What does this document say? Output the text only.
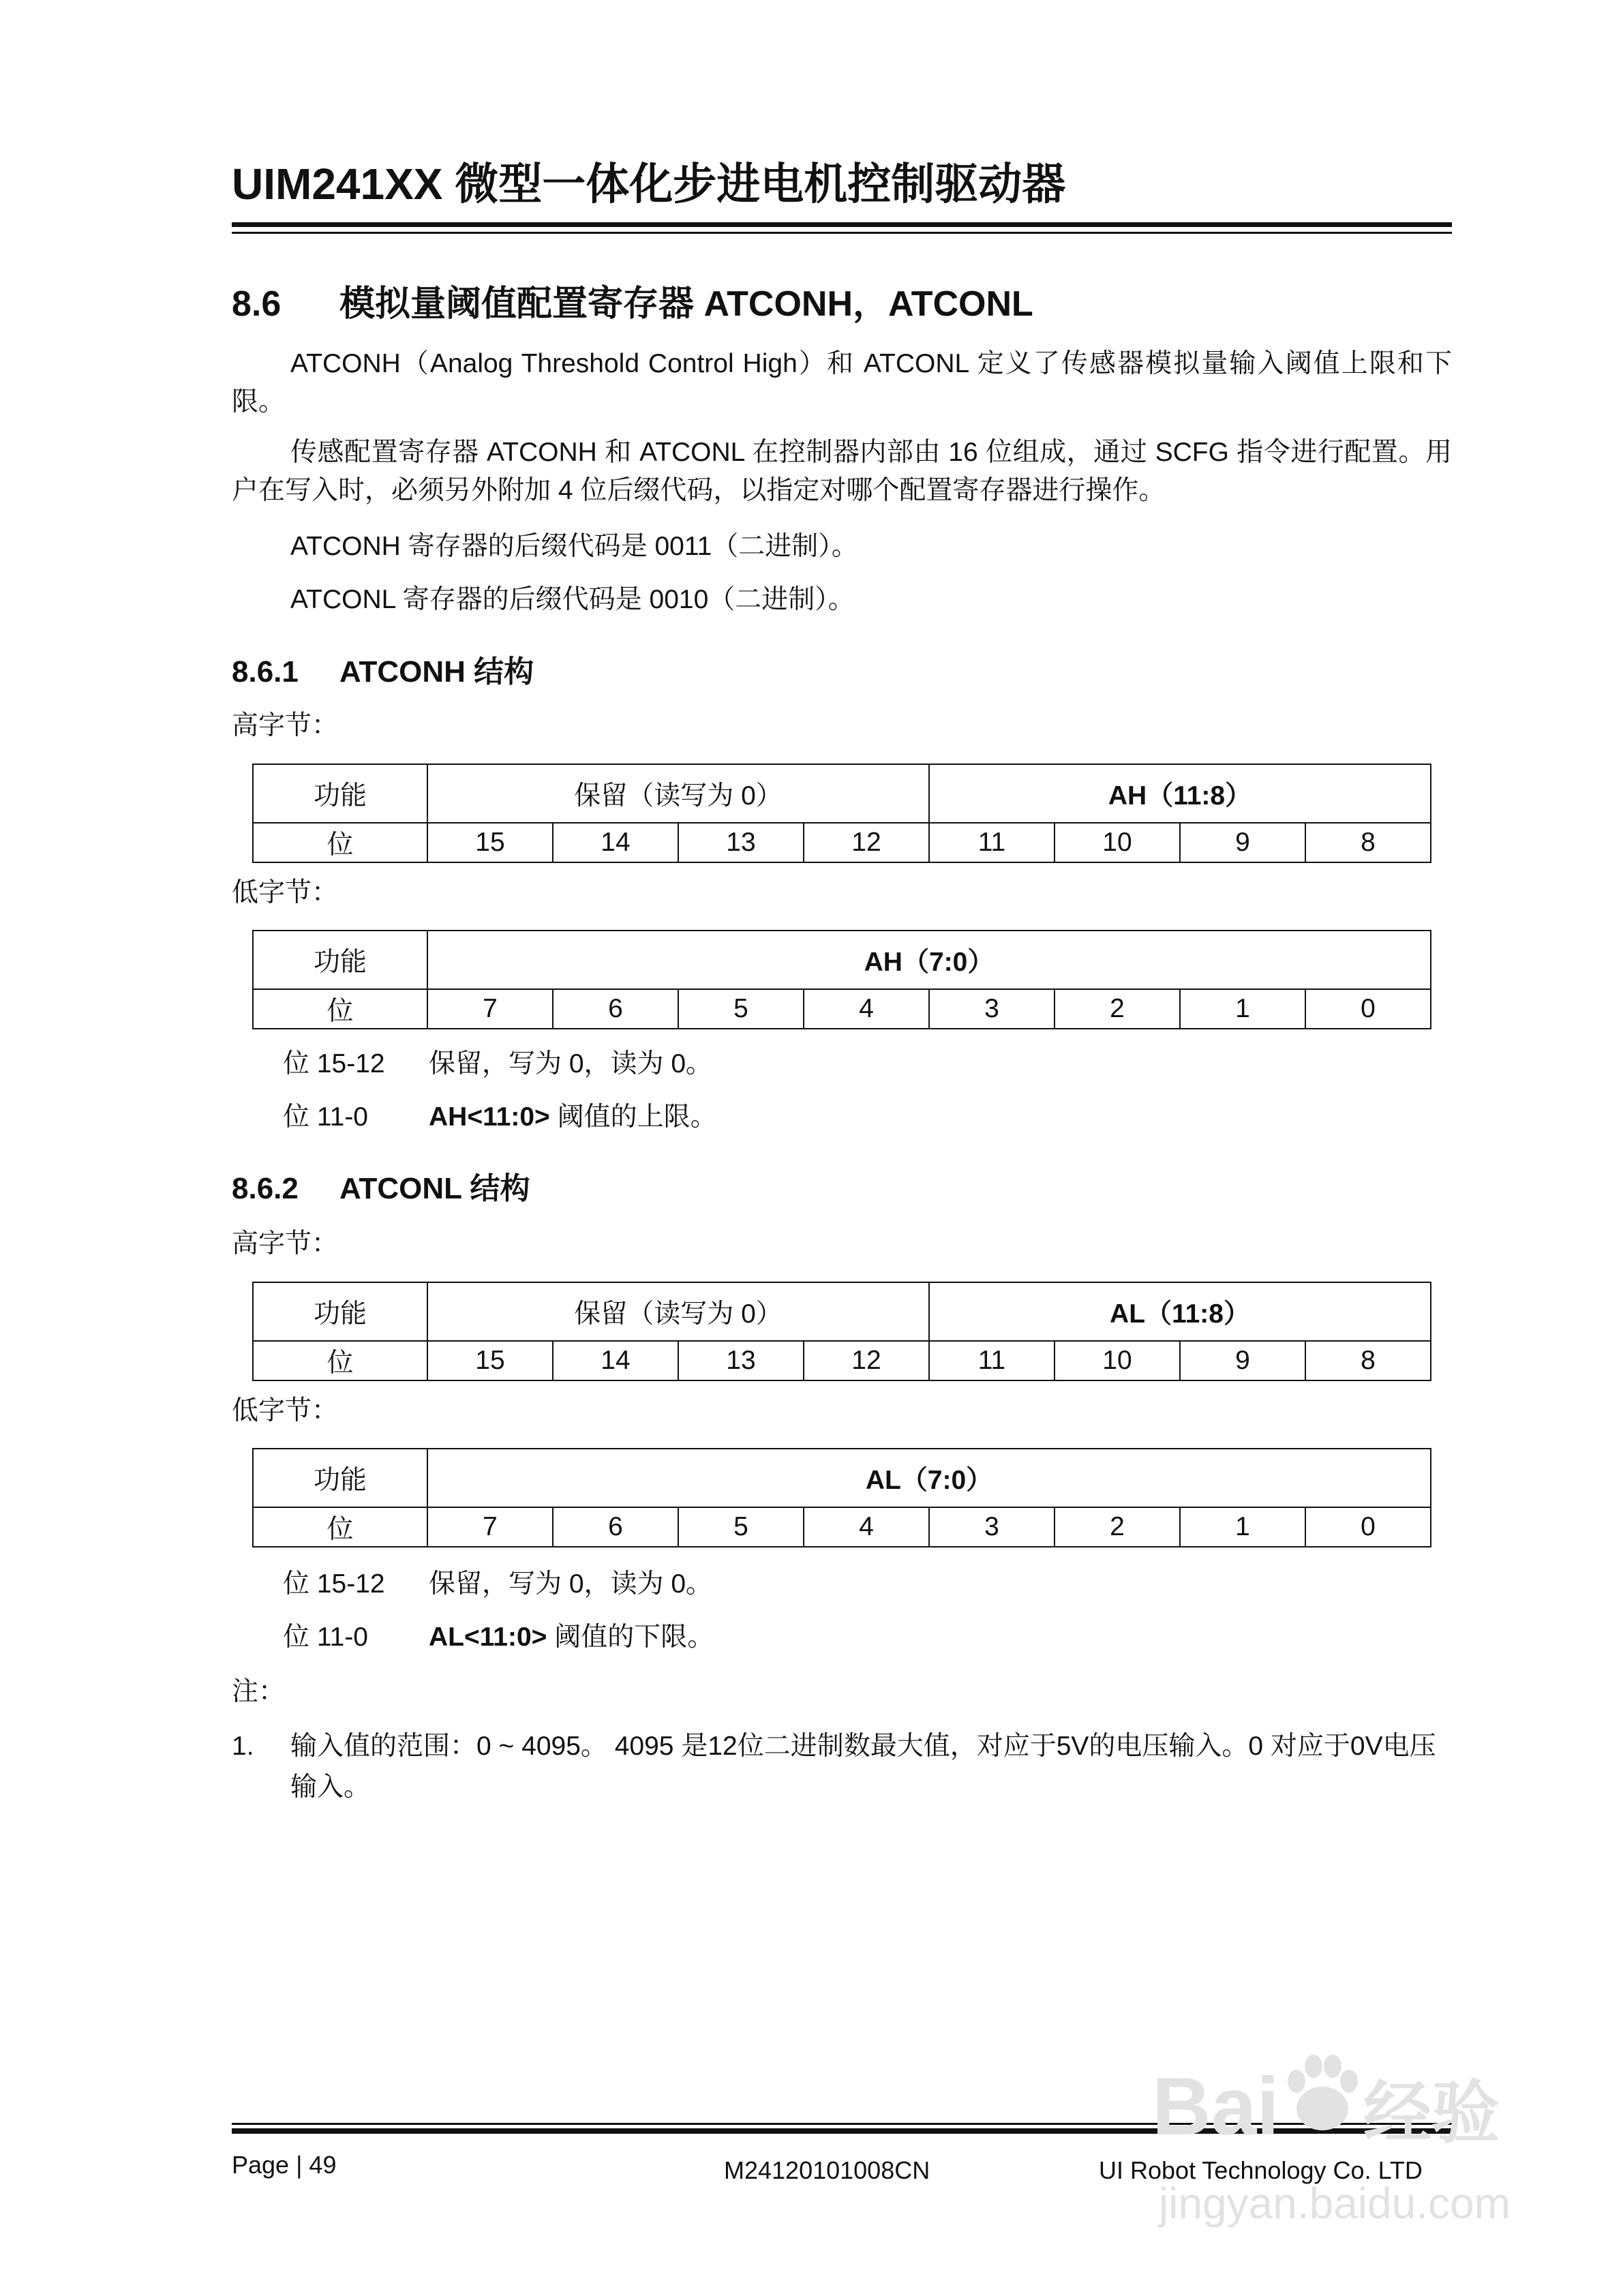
UIM241XX 微型一体化步进电机控制驱动器
8.6 模拟量阈值配置寄存器 ATCONH，ATCONL
ATCONH（Analog Threshold Control High）和 ATCONL 定义了传感器模拟量输入阈值上限和下限。
传感配置寄存器 ATCONH 和 ATCONL 在控制器内部由 16 位组成，通过 SCFG 指令进行配置。用户在写入时，必须另外附加 4 位后缀代码，以指定对哪个配置寄存器进行操作。
ATCONH 寄存器的后缀代码是 0011（二进制）。
ATCONL 寄存器的后缀代码是 0010（二进制）。
8.6.1 ATCONH 结构
高字节：
功能	保留（读写为 0）				AH（11:8）			
位	15	14	13	12	11	10	9	8
低字节：
功能	AH（7:0）							
位	7	6	5	4	3	2	1	0
位 15-12 保留，写为 0，读为 0。
位 11-0 AH<11:0> 阈值的上限。
8.6.2 ATCONL 结构
高字节：
功能	保留（读写为 0）				AL（11:8）			
位	15	14	13	12	11	10	9	8
低字节：
功能	AL（7:0）							
位	7	6	5	4	3	2	1	0
位 15-12 保留，写为 0，读为 0。
位 11-0 AL<11:0> 阈值的下限。
注：
1. 输入值的范围：0 ~ 4095。 4095 是12位二进制数最大值，对应于5V的电压输入。0 对应于0V电压输入。
Page | 49	M24120101008CN	UI Robot Technology Co. LTD
Bai 经验
jingyan.baidu.com
